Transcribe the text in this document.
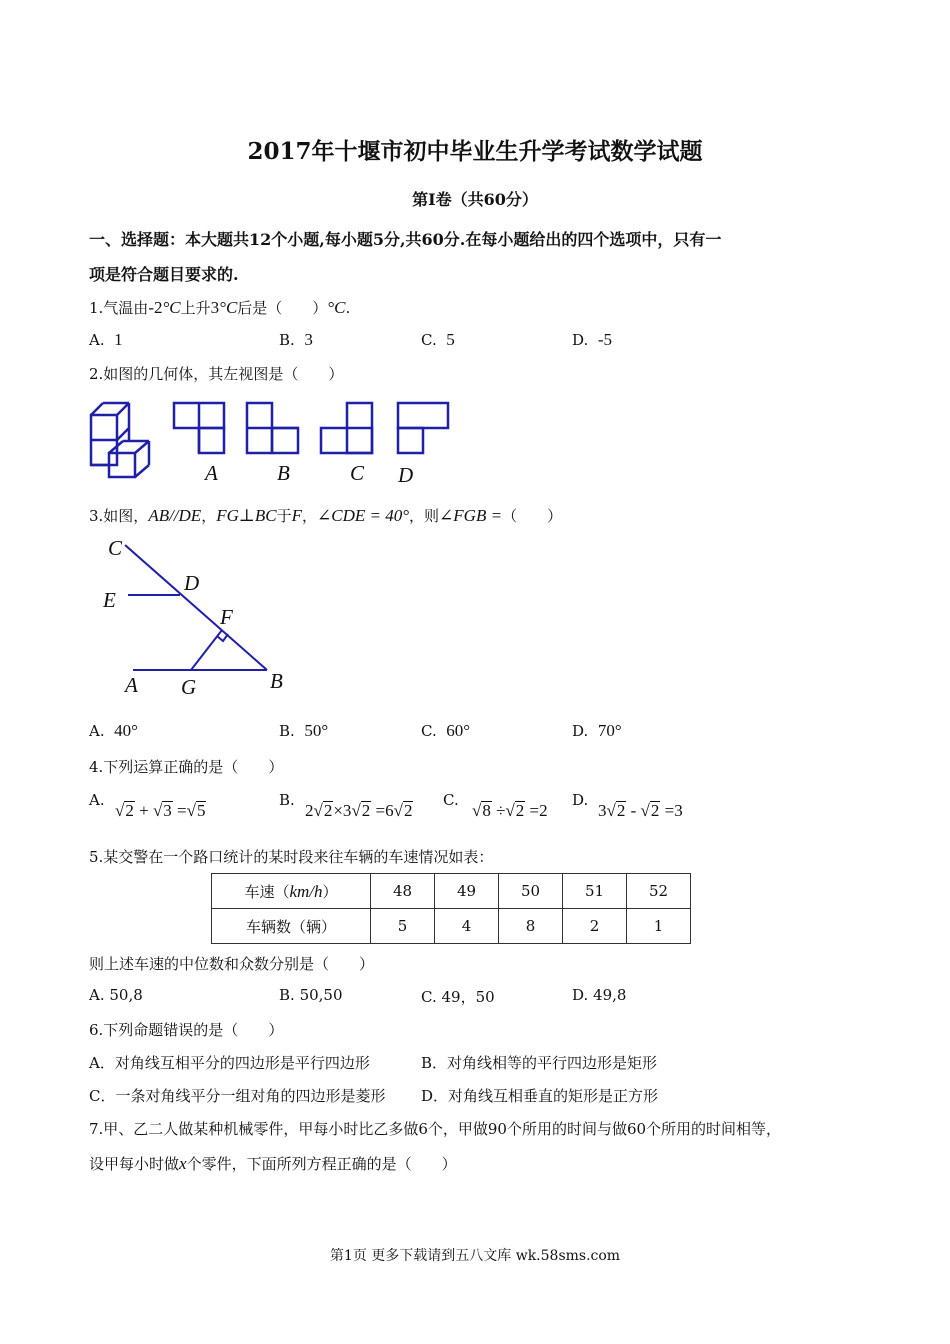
2017年十堰市初中毕业生升学考试数学试题
第Ⅰ卷（共60分）
一、选择题：本大题共12个小题,每小题5分,共60分.在每小题给出的四个选项中，只有一
项是符合题目要求的.
1.气温由-2°C上升3°C后是（　　）°C.
A. 1	B. 3	C. 5	D. -5
2.如图的几何体，其左视图是（　　）
A	B	C D
3.如图，AB//DE，FG⊥BC于F，∠CDE = 40°，则∠FGB =（　　）
C
D
E
F
A G	B
A. 40°	B. 50°	C. 60°	D. 70°
4.下列运算正确的是（　　）
A.
√2 + √3 =√5
B.
2√2×3√2 =6√2
C.
√8 ÷√2 =2
D.
3√2 - √2 =3
5.某交警在一个路口统计的某时段来往车辆的车速情况如表：
车速（km/h）	48	49	50	51	52
车辆数（辆）	5	4	8	2	1
则上述车速的中位数和众数分别是（　　）
A. 50,8	B. 50,50	C. 49，50	D. 49,8
6.下列命题错误的是（　　）
A．对角线互相平分的四边形是平行四边形	B．对角线相等的平行四边形是矩形
C．一条对角线平分一组对角的四边形是菱形 D．对角线互相垂直的矩形是正方形
7.甲、乙二人做某种机械零件，甲每小时比乙多做6个，甲做90个所用的时间与做60个所用的时间相等，
设甲每小时做x个零件，下面所列方程正确的是（　　）
第1页 更多下载请到五八文库 wk.58sms.com
